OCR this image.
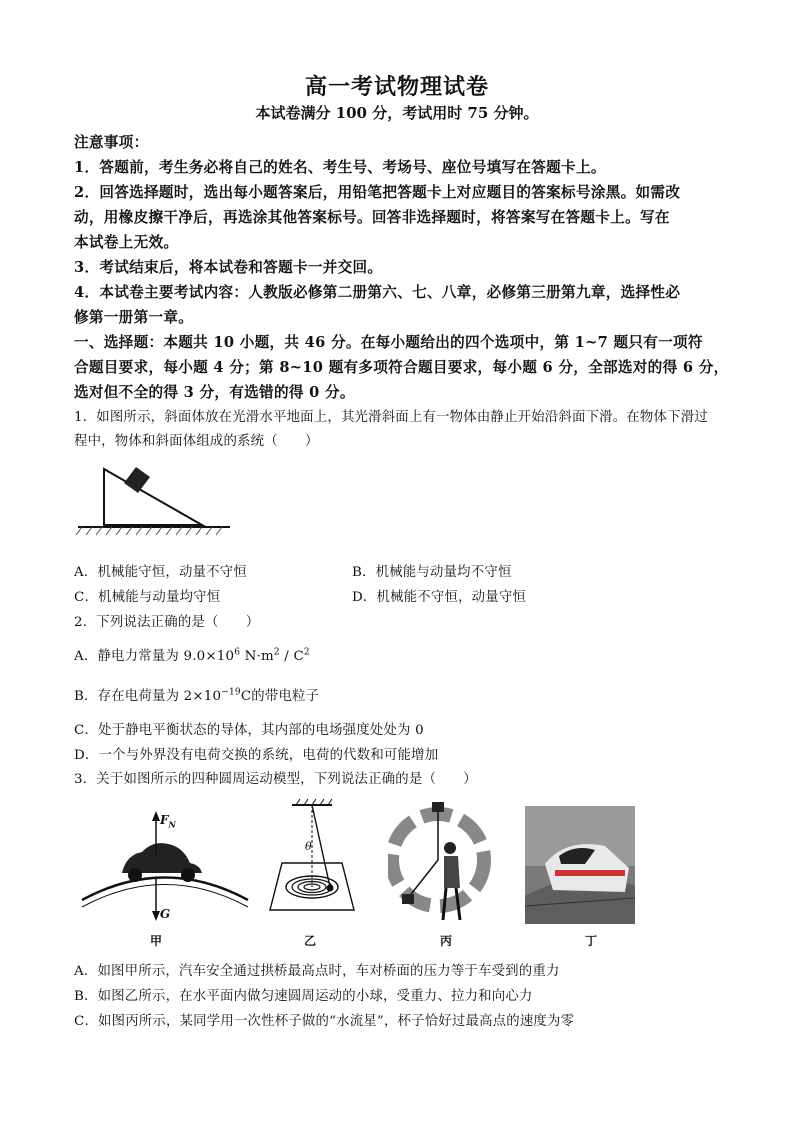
高一考试物理试卷
本试卷满分 100 分，考试用时 75 分钟。
注意事项：
1．答题前，考生务必将自己的姓名、考生号、考场号、座位号填写在答题卡上。
2．回答选择题时，选出每小题答案后，用铅笔把答题卡上对应题目的答案标号涂黑。如需改
动，用橡皮擦干净后，再选涂其他答案标号。回答非选择题时，将答案写在答题卡上。写在
本试卷上无效。
3．考试结束后，将本试卷和答题卡一并交回。
4．本试卷主要考试内容：人教版必修第二册第六、七、八章，必修第三册第九章，选择性必
修第一册第一章。
一、选择题：本题共 10 小题，共 46 分。在每小题给出的四个选项中，第 1~7 题只有一项符
合题目要求，每小题 4 分；第 8~10 题有多项符合题目要求，每小题 6 分，全部选对的得 6 分，
选对但不全的得 3 分，有选错的得 0 分。
1．如图所示，斜面体放在光滑水平地面上，其光滑斜面上有一物体由静止开始沿斜面下滑。在物体下滑过
程中，物体和斜面体组成的系统（　　）
A．机械能守恒，动量不守恒	B．机械能与动量均不守恒
C．机械能与动量均守恒	D．机械能不守恒，动量守恒
2．下列说法正确的是（　　）
A．静电力常量为 $9.0\times 10^6$ $N\cdot m^2 / C^2$
B．存在电荷量为 $2\times 10^{-19}C$的带电粒子
C．处于静电平衡状态的导体，其内部的电场强度处处为 0
D．一个与外界没有电荷交换的系统，电荷的代数和可能增加
3．关于如图所示的四种圆周运动模型，下列说法正确的是（　　）
$F_N$
G
甲
θ
乙	丙	丁
A．如图甲所示，汽车安全通过拱桥最高点时，车对桥面的压力等于车受到的重力
B．如图乙所示，在水平面内做匀速圆周运动的小球，受重力、拉力和向心力
C．如图丙所示，某同学用一次性杯子做的“水流星”，杯子恰好过最高点的速度为零
